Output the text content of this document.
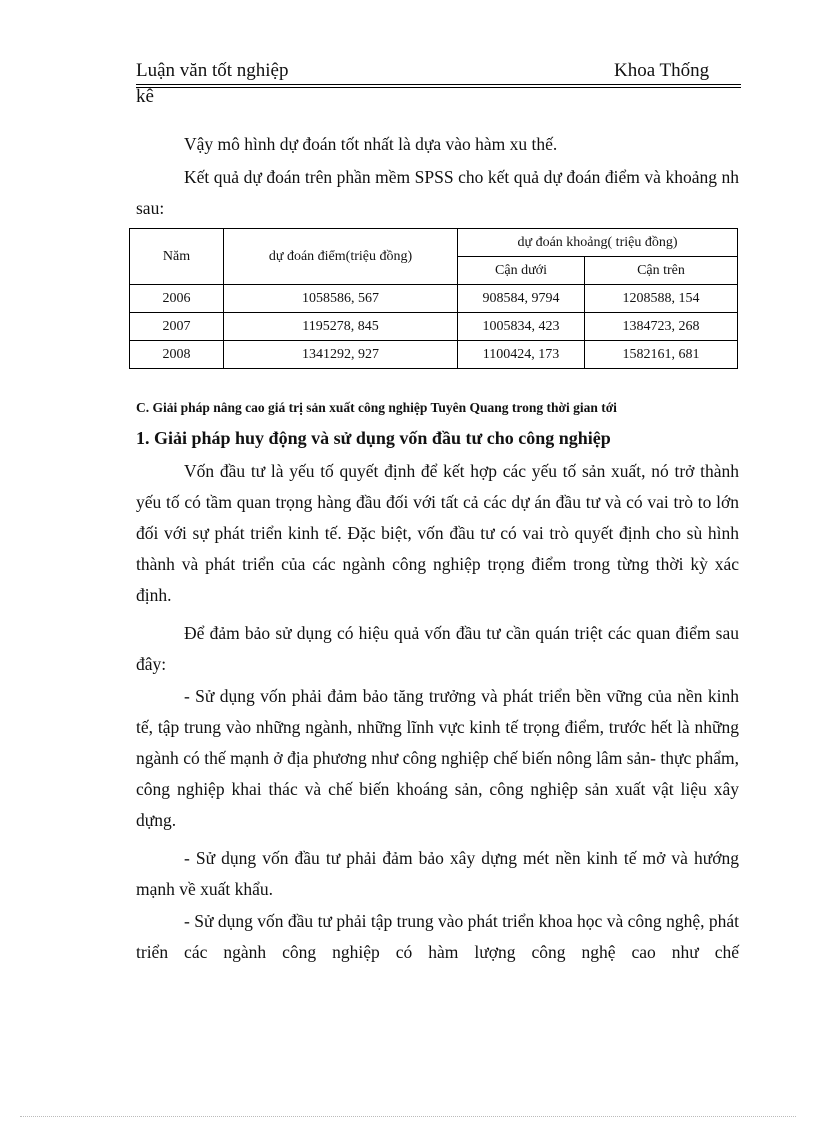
Luận văn tốt nghiệp	Khoa Thống
kê

Vậy mô hình dự đoán tốt nhất là dựa vào hàm xu thế.

Kết quả dự đoán trên phần mềm SPSS cho kết quả dự đoán điểm và khoảng nh sau:

Năm	dự đoán điểm(triệu đồng)	dự đoán khoảng( triệu đồng)	
		Cận dưới	Cận trên
2006	1058586, 567	908584, 9794	1208588, 154
2007	1195278, 845	1005834, 423	1384723, 268
2008	1341292, 927	1100424, 173	1582161, 681
C. Giải pháp nâng cao giá trị sản xuất công nghiệp Tuyên Quang trong thời gian tới
1. Giải pháp huy động và sử dụng vốn đầu tư cho công nghiệp

Vốn đầu tư là yếu tố quyết định để kết hợp các yếu tố sản xuất, nó trở thành yếu tố có tầm quan trọng hàng đầu đối với tất cả các dự án đầu tư và có vai trò to lớn đối với sự phát triển kinh tế. Đặc biệt, vốn đầu tư có vai trò quyết định cho sù hình thành và phát triển của các ngành công nghiệp trọng điểm trong từng thời kỳ xác định.

Để đảm bảo sử dụng có hiệu quả vốn đầu tư cần quán triệt các quan điểm sau đây:

- Sử dụng vốn phải đảm bảo tăng trưởng và phát triển bền vững của nền kinh tế, tập trung vào những ngành, những lĩnh vực kinh tế trọng điểm, trước hết là những ngành có thế mạnh ở địa phương như công nghiệp chế biến nông lâm sản- thực phẩm, công nghiệp khai thác và chế biến khoáng sản, công nghiệp sản xuất vật liệu xây dựng.

- Sử dụng vốn đầu tư phải đảm bảo xây dựng mét nền kinh tế mở và hướng mạnh về xuất khẩu.

- Sử dụng vốn đầu tư phải tập trung vào phát triển khoa học và công nghệ, phát triển các ngành công nghiệp có hàm lượng công nghệ cao như chế
